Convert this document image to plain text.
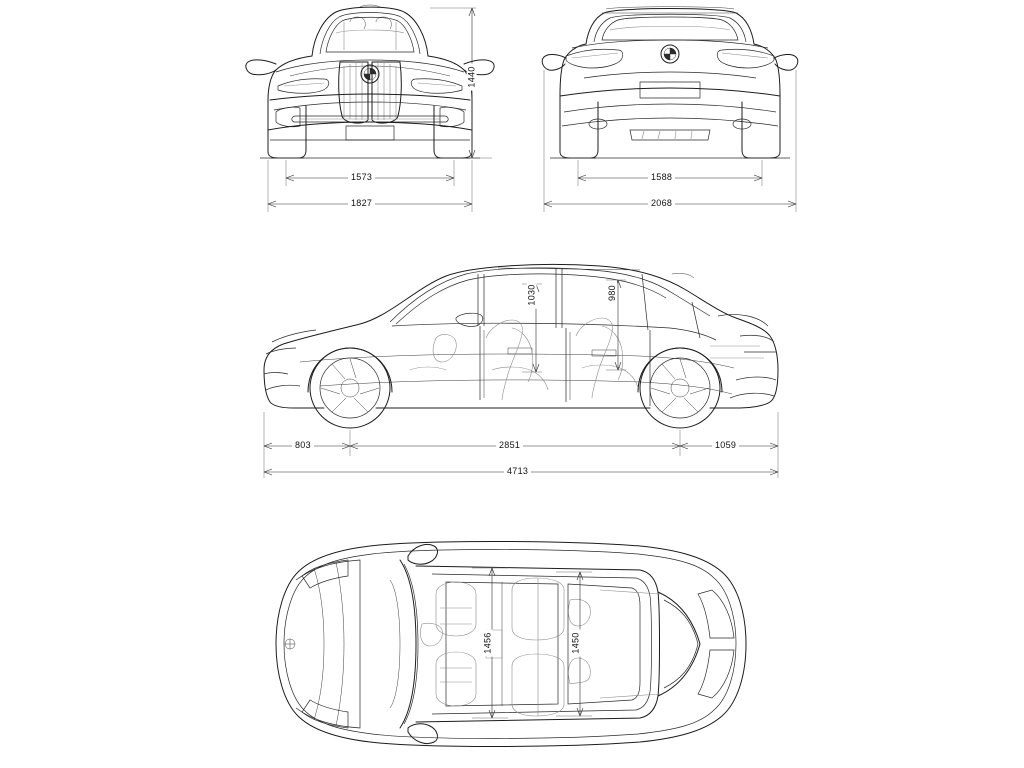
1573
1827
1440
1588
2068
803	2851	1059
4713
1030	980
1456	1450
